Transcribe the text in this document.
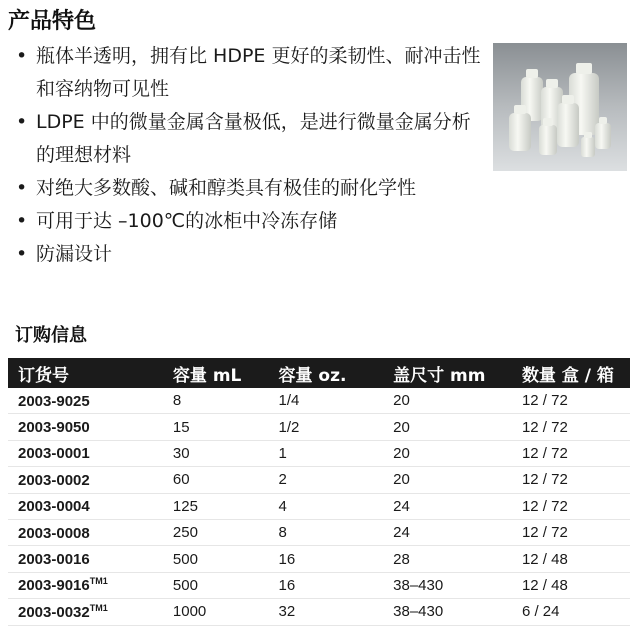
产品特色
• 瓶体半透明，拥有比 HDPE 更好的柔韧性、耐冲击性和容纳物可见性
• LDPE 中的微量金属含量极低，是进行微量金属分析的理想材料
• 对绝大多数酸、碱和醇类具有极佳的耐化学性
• 可用于达 –100℃的冰柜中冷冻存储
• 防漏设计
订购信息
订货号	容量 mL	容量 oz.	盖尺寸 mm	数量 盒 / 箱
2003-9025	8	1/4	20	12 / 72
2003-9050	15	1/2	20	12 / 72
2003-0001	30	1	20	12 / 72
2003-0002	60	2	20	12 / 72
2003-0004	125	4	24	12 / 72
2003-0008	250	8	24	12 / 72
2003-0016	500	16	28	12 / 48
$2003-9016^{TM1}$	500	16	38–430	12 / 48
$2003-0032^{TM1}$	1000	32	38–430	6 / 24
